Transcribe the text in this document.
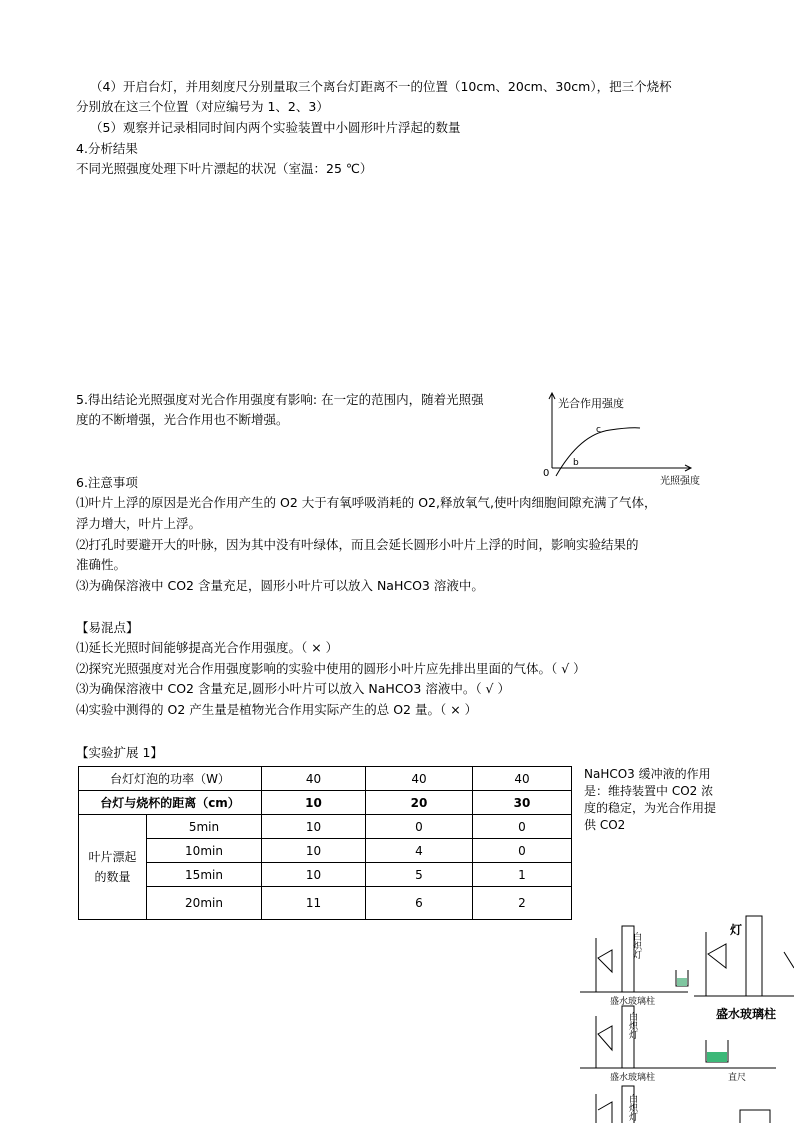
（4）开启台灯，并用刻度尺分别量取三个离台灯距离不一的位置（10cm、20cm、30cm），把三个烧杯
分别放在这三个位置（对应编号为 1、2、3）
（5）观察并记录相同时间内两个实验装置中小圆形叶片浮起的数量
4.分析结果
不同光照强度处理下叶片漂起的状况（室温：25 ℃）
5.得出结论光照强度对光合作用强度有影响: 在一定的范围内，随着光照强
度的不断增强，光合作用也不断增强。
光合作用强度
光照强度
0
b
c
6.注意事项
⑴叶片上浮的原因是光合作用产生的 O2 大于有氧呼吸消耗的 O2,释放氧气,使叶肉细胞间隙充满了气体，
浮力增大，叶片上浮。
⑵打孔时要避开大的叶脉，因为其中没有叶绿体，而且会延长圆形小叶片上浮的时间，影响实验结果的
准确性。
⑶为确保溶液中 CO2 含量充足，圆形小叶片可以放入 NaHCO3 溶液中。
【易混点】
⑴延长光照时间能够提高光合作用强度。（ × ）
⑵探究光照强度对光合作用强度影响的实验中使用的圆形小叶片应先排出里面的气体。（ √ ）
⑶为确保溶液中 CO2 含量充足,圆形小叶片可以放入 NaHCO3 溶液中。（ √ ）
⑷实验中测得的 O2 产生量是植物光合作用实际产生的总 O2 量。（ × ）
【实验扩展 1】
台灯灯泡的功率（W）		40	40	40
台灯与烧杯的距离（cm）		10	20	30
叶片漂起
的数量	5min	10	0	0
	10min	10	4	0
	15min	10	5	1
	20min	11	6	2
NaHCO3 缓冲液的作用是：维持装置中 CO2 浓度的稳定，为光合作用提供 CO2
白炽灯
盛水玻璃柱
灯
盛水玻璃柱
白炽灯
盛水玻璃柱	直尺
白炽灯
